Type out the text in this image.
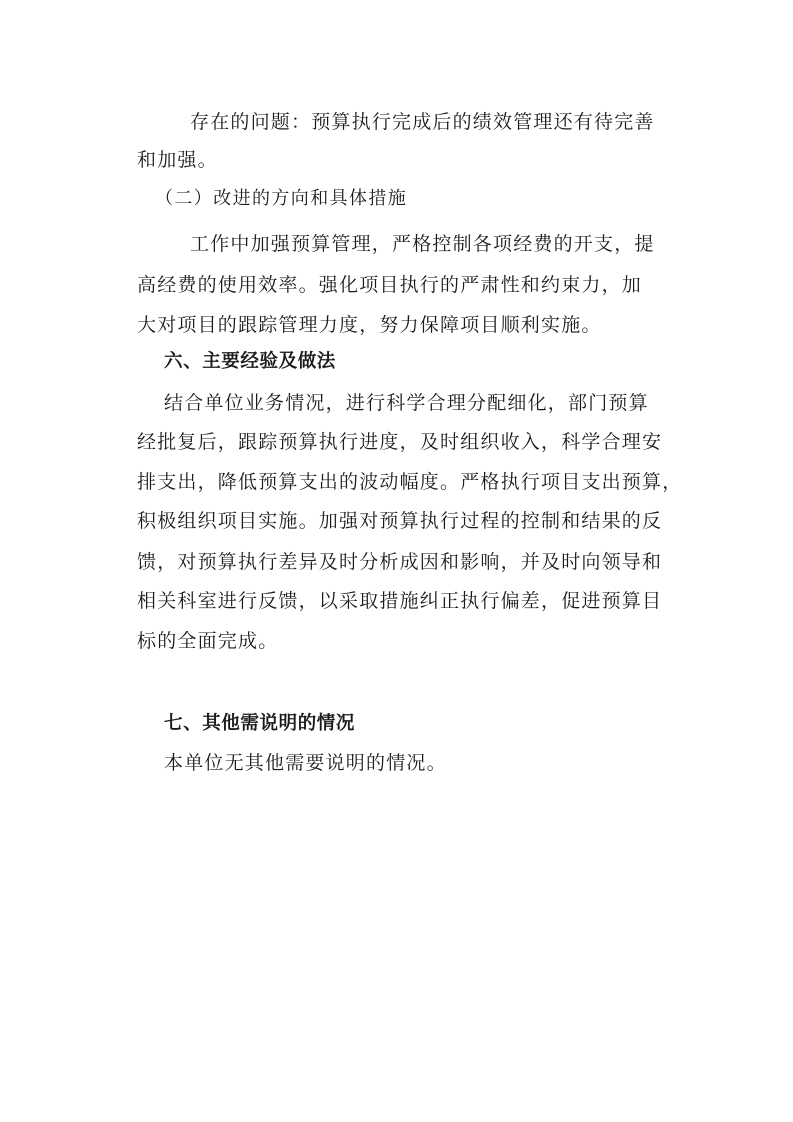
存在的问题：预算执行完成后的绩效管理还有待完善
和加强。
（二）改进的方向和具体措施
工作中加强预算管理，严格控制各项经费的开支，提
高经费的使用效率。强化项目执行的严肃性和约束力，加
大对项目的跟踪管理力度，努力保障项目顺利实施。
六、主要经验及做法
结合单位业务情况，进行科学合理分配细化，部门预算
经批复后，跟踪预算执行进度，及时组织收入，科学合理安
排支出，降低预算支出的波动幅度。严格执行项目支出预算，
积极组织项目实施。加强对预算执行过程的控制和结果的反
馈，对预算执行差异及时分析成因和影响，并及时向领导和
相关科室进行反馈，以采取措施纠正执行偏差，促进预算目
标的全面完成。
七、其他需说明的情况
本单位无其他需要说明的情况。
